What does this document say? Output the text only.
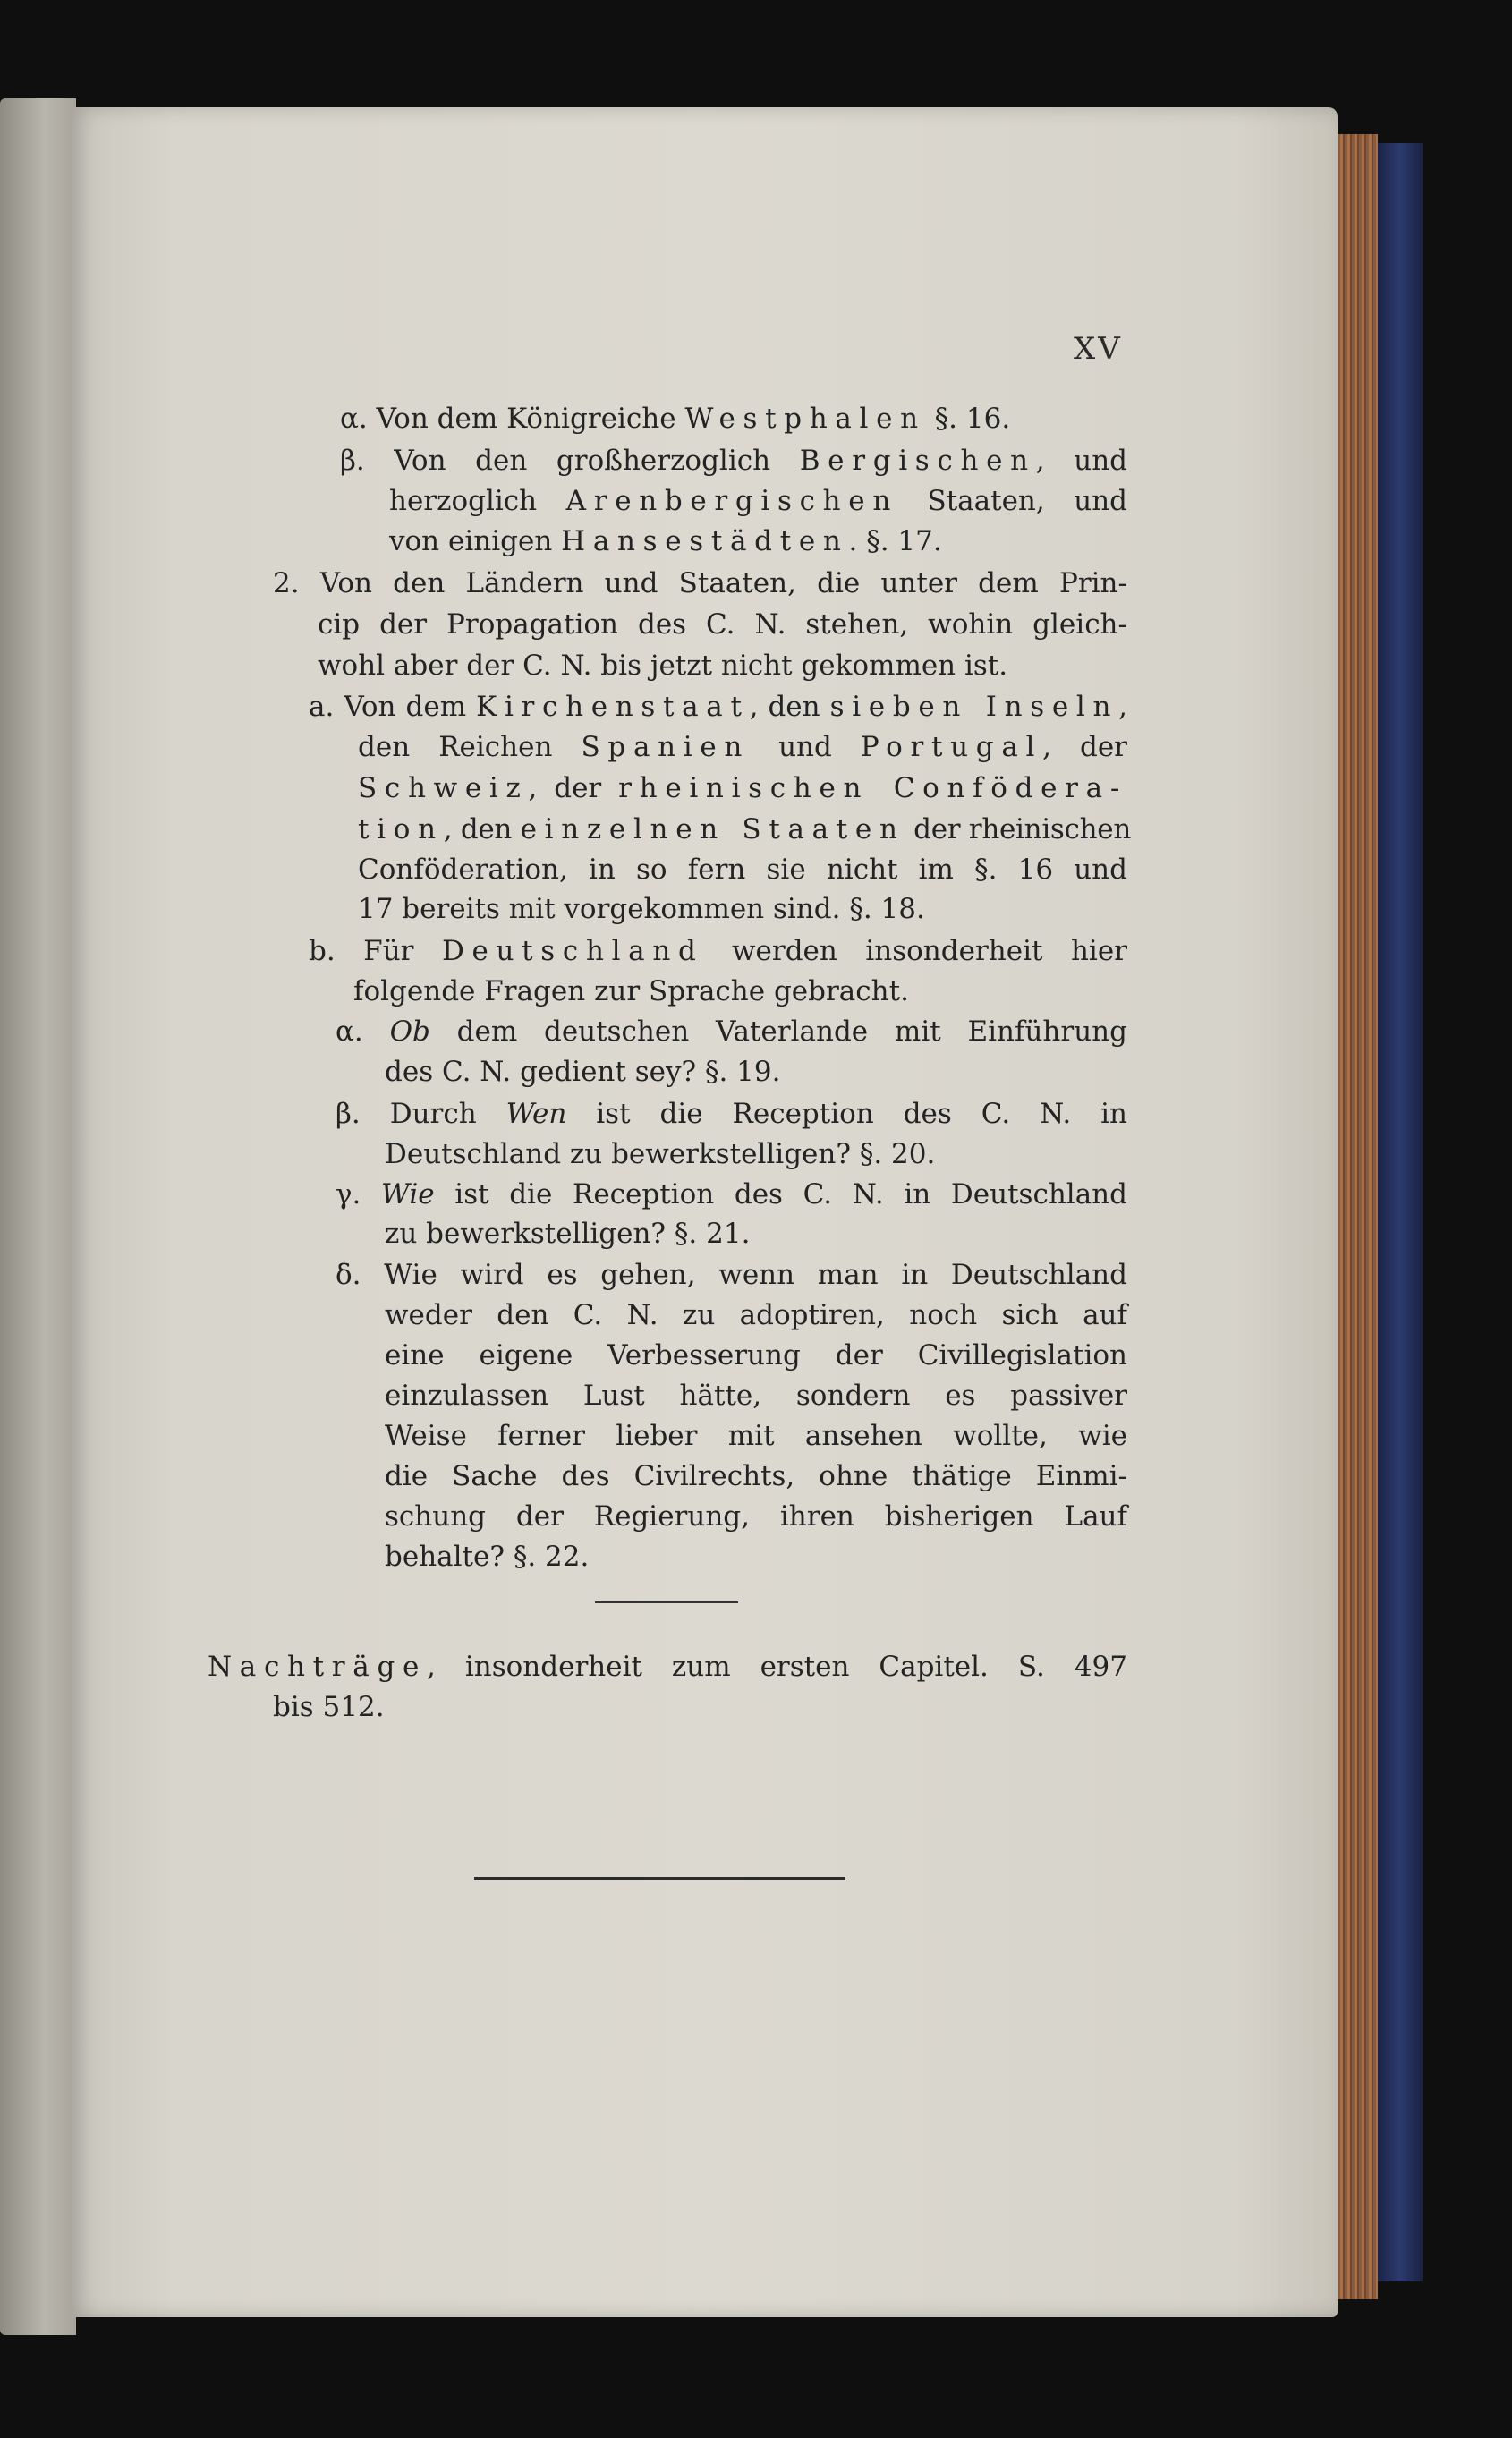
XV
α. Von dem Königreiche Westphalen §. 16.
β. Von den großherzoglich Bergischen, und
herzoglich Arenbergischen Staaten, und
von einigen Hansestädten. §. 17.
2. Von den Ländern und Staaten, die unter dem Prin-
cip der Propagation des C. N. stehen, wohin gleich-
wohl aber der C. N. bis jetzt nicht gekommen ist.
a. Von dem Kirchenstaat, den sieben Inseln,
den Reichen Spanien und Portugal, der
Schweiz, der rheinischen Confödera-
tion, den einzelnen Staaten der rheinischen
Conföderation, in so fern sie nicht im §. 16 und
17 bereits mit vorgekommen sind. §. 18.
b. Für Deutschland werden insonderheit hier
folgende Fragen zur Sprache gebracht.
α. Ob dem deutschen Vaterlande mit Einführung
des C. N. gedient sey? §. 19.
β. Durch Wen ist die Reception des C. N. in
Deutschland zu bewerkstelligen? §. 20.
γ. Wie ist die Reception des C. N. in Deutschland
zu bewerkstelligen? §. 21.
δ. Wie wird es gehen, wenn man in Deutschland
weder den C. N. zu adoptiren, noch sich auf
eine eigene Verbesserung der Civillegislation
einzulassen Lust hätte, sondern es passiver
Weise ferner lieber mit ansehen wollte, wie
die Sache des Civilrechts, ohne thätige Einmi-
schung der Regierung, ihren bisherigen Lauf
behalte? §. 22.
Nachträge, insonderheit zum ersten Capitel. S. 497
bis 512.
